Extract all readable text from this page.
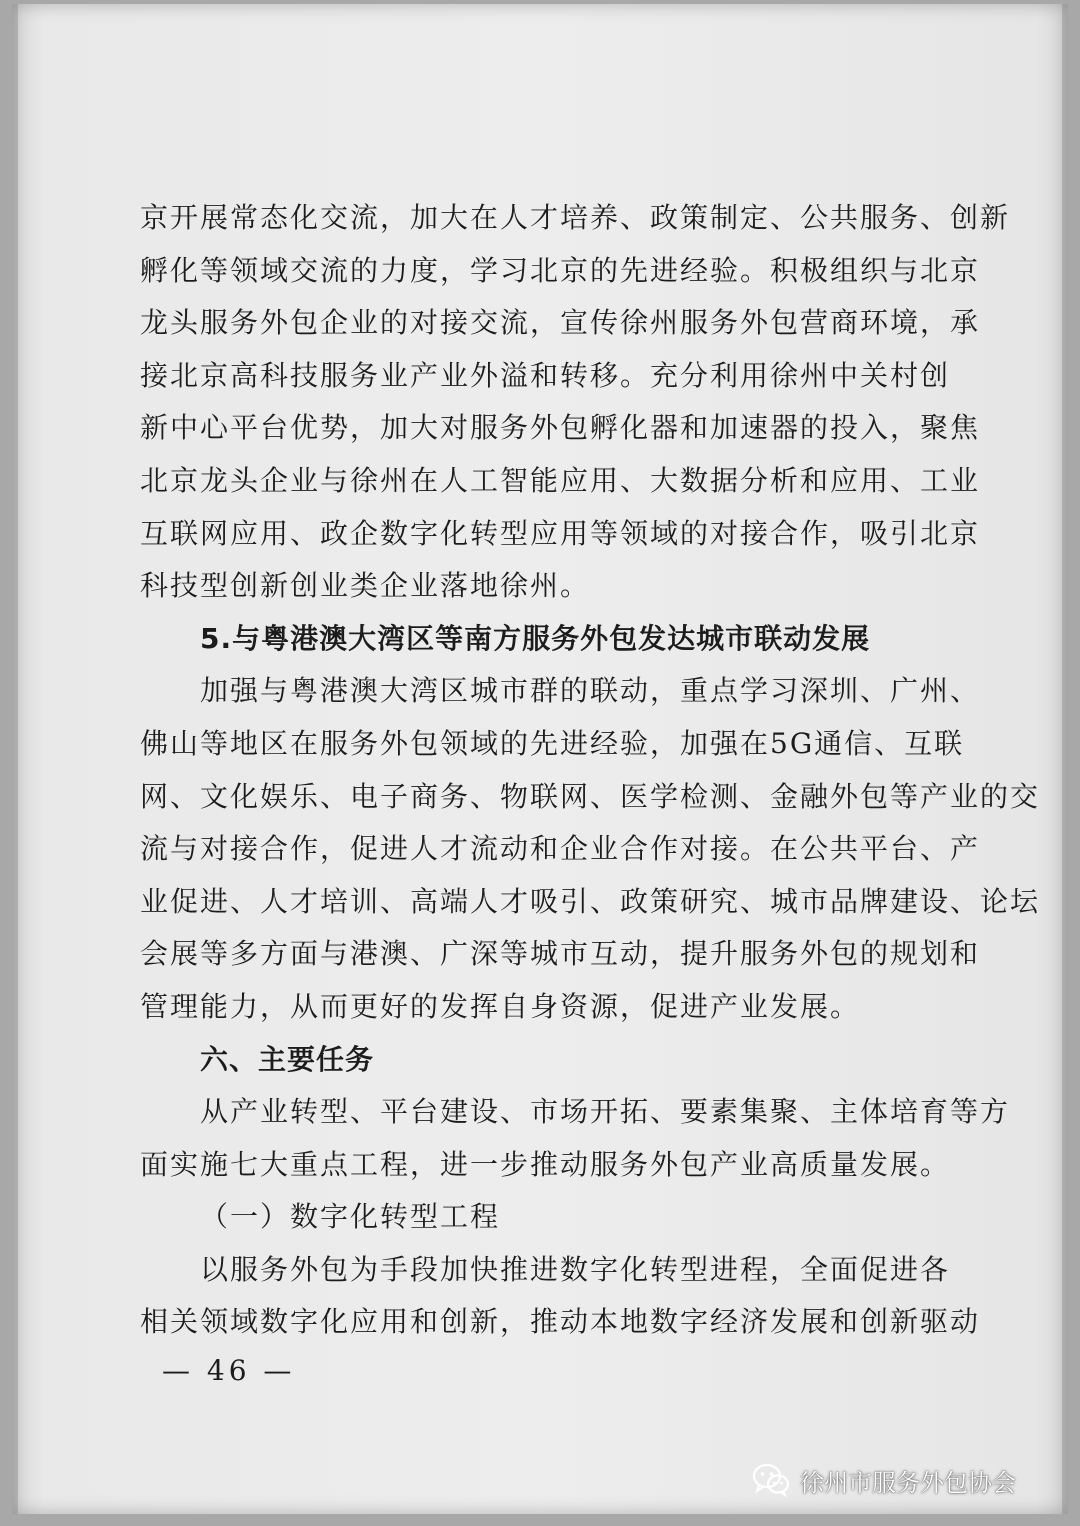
京开展常态化交流，加大在人才培养、政策制定、公共服务、创新
孵化等领域交流的力度，学习北京的先进经验。积极组织与北京
龙头服务外包企业的对接交流，宣传徐州服务外包营商环境，承
接北京高科技服务业产业外溢和转移。充分利用徐州中关村创
新中心平台优势，加大对服务外包孵化器和加速器的投入，聚焦
北京龙头企业与徐州在人工智能应用、大数据分析和应用、工业
互联网应用、政企数字化转型应用等领域的对接合作，吸引北京
科技型创新创业类企业落地徐州。
5.与粤港澳大湾区等南方服务外包发达城市联动发展
加强与粤港澳大湾区城市群的联动，重点学习深圳、广州、
佛山等地区在服务外包领域的先进经验，加强在5G通信、互联
网、文化娱乐、电子商务、物联网、医学检测、金融外包等产业的交
流与对接合作，促进人才流动和企业合作对接。在公共平台、产
业促进、人才培训、高端人才吸引、政策研究、城市品牌建设、论坛
会展等多方面与港澳、广深等城市互动，提升服务外包的规划和
管理能力，从而更好的发挥自身资源，促进产业发展。
六、主要任务
从产业转型、平台建设、市场开拓、要素集聚、主体培育等方
面实施七大重点工程，进一步推动服务外包产业高质量发展。
（一）数字化转型工程
以服务外包为手段加快推进数字化转型进程，全面促进各
相关领域数字化应用和创新，推动本地数字经济发展和创新驱动
— 46 —
徐州市服务外包协会
